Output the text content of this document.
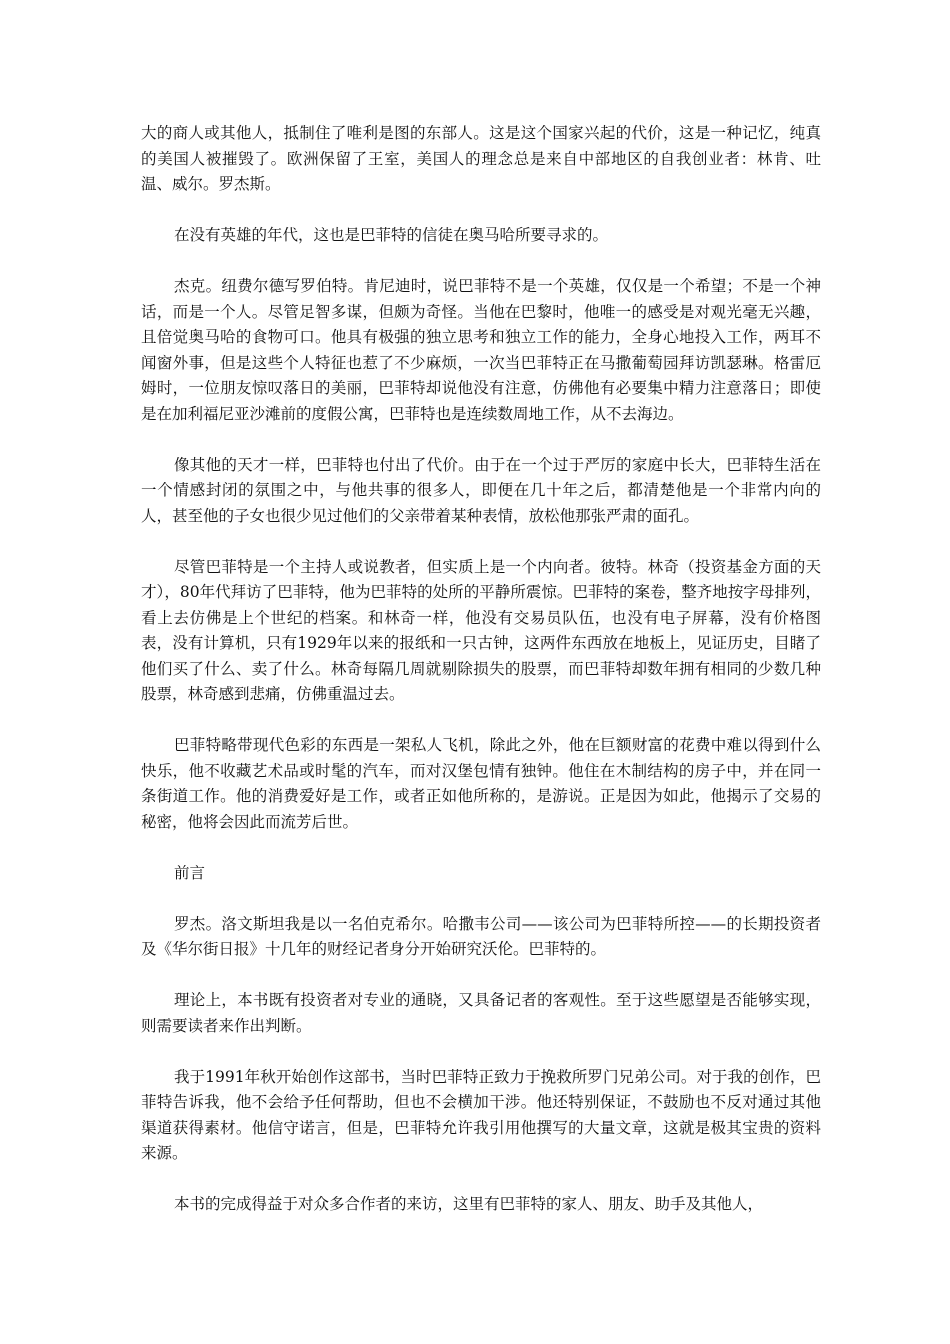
大的商人或其他人，抵制住了唯利是图的东部人。这是这个国家兴起的代价，这是一种记忆，纯真的美国人被摧毁了。欧洲保留了王室，美国人的理念总是来自中部地区的自我创业者：林肯、吐温、威尔。罗杰斯。

在没有英雄的年代，这也是巴菲特的信徒在奥马哈所要寻求的。

杰克。纽费尔德写罗伯特。肯尼迪时，说巴菲特不是一个英雄，仅仅是一个希望；不是一个神话，而是一个人。尽管足智多谋，但颇为奇怪。当他在巴黎时，他唯一的感受是对观光毫无兴趣，且倍觉奥马哈的食物可口。他具有极强的独立思考和独立工作的能力，全身心地投入工作，两耳不闻窗外事，但是这些个人特征也惹了不少麻烦，一次当巴菲特正在马撒葡萄园拜访凯瑟琳。格雷厄姆时，一位朋友惊叹落日的美丽，巴菲特却说他没有注意，仿佛他有必要集中精力注意落日；即使是在加利福尼亚沙滩前的度假公寓，巴菲特也是连续数周地工作，从不去海边。

像其他的天才一样，巴菲特也付出了代价。由于在一个过于严厉的家庭中长大，巴菲特生活在一个情感封闭的氛围之中，与他共事的很多人，即便在几十年之后，都清楚他是一个非常内向的人，甚至他的子女也很少见过他们的父亲带着某种表情，放松他那张严肃的面孔。

尽管巴菲特是一个主持人或说教者，但实质上是一个内向者。彼特。林奇（投资基金方面的天才），80年代拜访了巴菲特，他为巴菲特的处所的平静所震惊。巴菲特的案卷，整齐地按字母排列，看上去仿佛是上个世纪的档案。和林奇一样，他没有交易员队伍，也没有电子屏幕，没有价格图表，没有计算机，只有1929年以来的报纸和一只古钟，这两件东西放在地板上，见证历史，目睹了他们买了什么、卖了什么。林奇每隔几周就剔除损失的股票，而巴菲特却数年拥有相同的少数几种股票，林奇感到悲痛，仿佛重温过去。

巴菲特略带现代色彩的东西是一架私人飞机，除此之外，他在巨额财富的花费中难以得到什么快乐，他不收藏艺术品或时髦的汽车，而对汉堡包情有独钟。他住在木制结构的房子中，并在同一条街道工作。他的消费爱好是工作，或者正如他所称的，是游说。正是因为如此，他揭示了交易的秘密，他将会因此而流芳后世。

前言

罗杰。洛文斯坦我是以一名伯克希尔。哈撒韦公司——该公司为巴菲特所控——的长期投资者及《华尔街日报》十几年的财经记者身分开始研究沃伦。巴菲特的。

理论上，本书既有投资者对专业的通晓，又具备记者的客观性。至于这些愿望是否能够实现，则需要读者来作出判断。

我于1991年秋开始创作这部书，当时巴菲特正致力于挽救所罗门兄弟公司。对于我的创作，巴菲特告诉我，他不会给予任何帮助，但也不会横加干涉。他还特别保证，不鼓励也不反对通过其他渠道获得素材。他信守诺言，但是，巴菲特允许我引用他撰写的大量文章，这就是极其宝贵的资料来源。

本书的完成得益于对众多合作者的来访，这里有巴菲特的家人、朋友、助手及其他人，
